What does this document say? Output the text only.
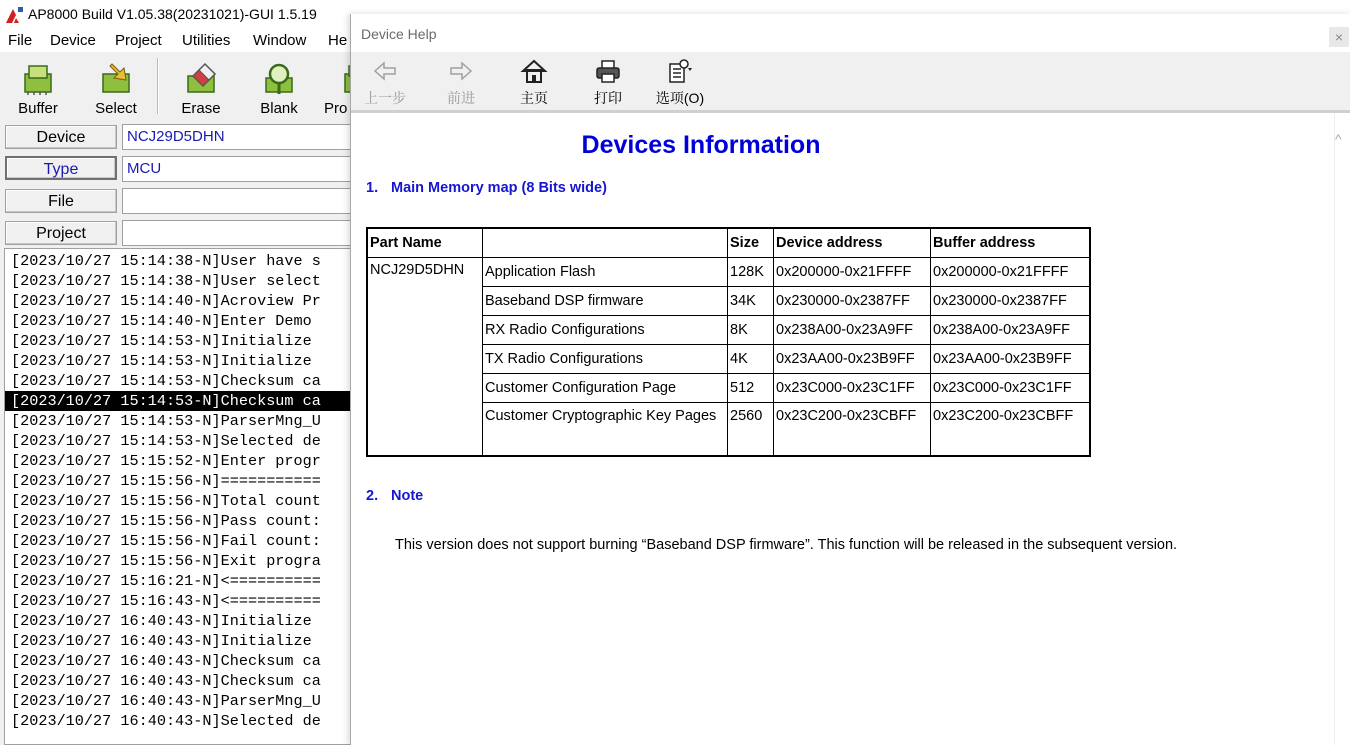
AP8000 Build V1.05.38(20231021)-GUI 1.5.19
File Device Project Utilities Window He
Buffer	Select	Erase	Blank	Pro
Device	NCJ29D5DHN
Type	MCU
File
Project
[2023/10/27 15:14:38-N]User have s
[2023/10/27 15:14:38-N]User select
[2023/10/27 15:14:40-N]Acroview Pr
[2023/10/27 15:14:40-N]Enter Demo
[2023/10/27 15:14:53-N]Initialize
[2023/10/27 15:14:53-N]Initialize
[2023/10/27 15:14:53-N]Checksum ca
[2023/10/27 15:14:53-N]Checksum ca
[2023/10/27 15:14:53-N]ParserMng_U
[2023/10/27 15:14:53-N]Selected de
[2023/10/27 15:15:52-N]Enter progr
[2023/10/27 15:15:56-N]===========
[2023/10/27 15:15:56-N]Total count
[2023/10/27 15:15:56-N]Pass count:
[2023/10/27 15:15:56-N]Fail count:
[2023/10/27 15:15:56-N]Exit progra
[2023/10/27 15:16:21-N]<==========
[2023/10/27 15:16:43-N]<==========
[2023/10/27 16:40:43-N]Initialize
[2023/10/27 16:40:43-N]Initialize
[2023/10/27 16:40:43-N]Checksum ca
[2023/10/27 16:40:43-N]Checksum ca
[2023/10/27 16:40:43-N]ParserMng_U
[2023/10/27 16:40:43-N]Selected de
Device Help	×
上一步	前进	主页	打印	选项(O)
^
Devices Information
1. Main Memory map (8 Bits wide)
Part Name		Size	Device address	Buffer address
NCJ29D5DHN	Application Flash	128K	0x200000-0x21FFFF	0x200000-0x21FFFF
	Baseband DSP firmware	34K	0x230000-0x2387FF	0x230000-0x2387FF
	RX Radio Configurations	8K	0x238A00-0x23A9FF	0x238A00-0x23A9FF
	TX Radio Configurations	4K	0x23AA00-0x23B9FF	0x23AA00-0x23B9FF
	Customer Configuration Page	512	0x23C000-0x23C1FF	0x23C000-0x23C1FF
	Customer Cryptographic Key Pages	2560	0x23C200-0x23CBFF	0x23C200-0x23CBFF
2. Note
This version does not support burning “Baseband DSP firmware”. This function will be released in the subsequent version.
